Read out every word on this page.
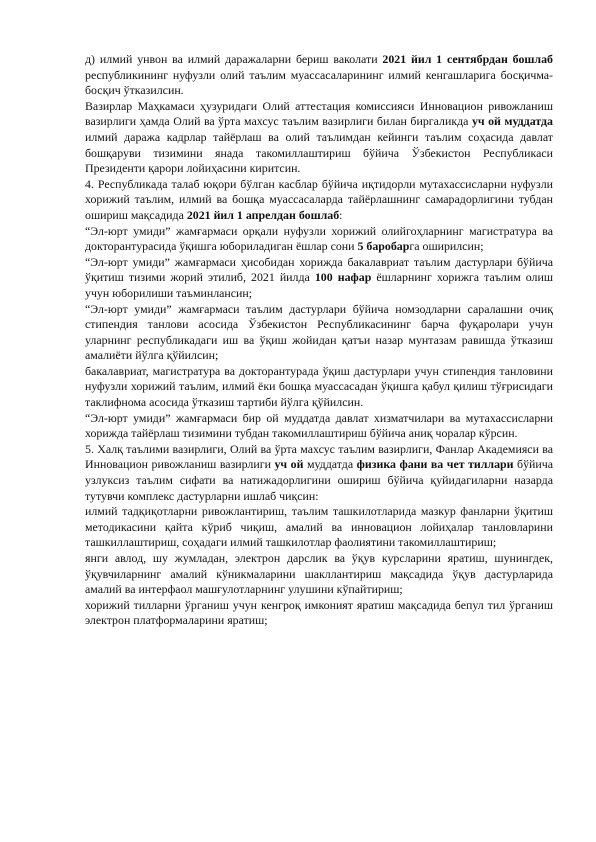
д) илмий унвон ва илмий даражаларни бериш ваколати 2021 йил 1 сентябрдан бошлаб республикининг нуфузли олий таълим муассасаларининг илмий кенгашларига босқичма-босқич ўтказилсин.

Вазирлар Маҳкамаси ҳузуридаги Олий аттестация комиссияси Инновацион ривожланиш вазирлиги ҳамда Олий ва ўрта махсус таълим вазирлиги билан биргаликда уч ой муддатда илмий даража кадрлар тайёрлаш ва олий таълимдан кейинги таълим соҳасида давлат бошқаруви тизимини янада такомиллаштириш бўйича Ўзбекистон Республикаси Президенти қарори лойиҳасини киритсин.

4. Республикада талаб юқори бўлган касблар бўйича иқтидорли мутахассисларни нуфузли хорижий таълим, илмий ва бошқа муассасаларда тайёрлашнинг самарадорлигини тубдан ошириш мақсадида 2021 йил 1 апрелдан бошлаб:

“Эл-юрт умиди” жамғармаси орқали нуфузли хорижий олийгоҳларнинг магистратура ва докторантурасида ўқишга юбориладиган ёшлар сони 5 баробарга оширилсин;

“Эл-юрт умиди” жамғармаси ҳисобидан хорижда бакалавриат таълим дастурлари бўйича ўқитиш тизими жорий этилиб, 2021 йилда 100 нафар ёшларнинг хорижга таълим олиш учун юборилиши таъминлансин;

“Эл-юрт умиди” жамғармаси таълим дастурлари бўйича номзодларни саралашни очиқ стипендия танлови асосида Ўзбекистон Республикасининг барча фуқаролари учун уларнинг республикадаги иш ва ўқиш жойидан қатъи назар мунтазам равишда ўтказиш амалиёти йўлга қўйилсин;

бакалавриат, магистратура ва докторантурада ўқиш дастурлари учун стипендия танловини нуфузли хорижий таълим, илмий ёки бошқа муассасадан ўқишга қабул қилиш тўғрисидаги таклифнома асосида ўтказиш тартиби йўлга қўйилсин.

“Эл-юрт умиди” жамғармаси бир ой муддатда давлат хизматчилари ва мутахассисларни хорижда тайёрлаш тизимини тубдан такомиллаштириш бўйича аниқ чоралар кўрсин.

5. Халқ таълими вазирлиги, Олий ва ўрта махсус таълим вазирлиги, Фанлар Академияси ва Инновацион ривожланиш вазирлиги уч ой муддатда физика фани ва чет тиллари бўйича узлуксиз таълим сифати ва натижадорлигини ошириш бўйича қуйидагиларни назарда тутувчи комплекс дастурларни ишлаб чиқсин:

илмий тадқиқотларни ривожлантириш, таълим ташкилотларида мазкур фанларни ўқитиш методикасини қайта кўриб чиқиш, амалий ва инновацион лойиҳалар танловларини ташкиллаштириш, соҳадаги илмий ташкилотлар фаолиятини такомиллаштириш;

янги авлод, шу жумладан, электрон дарслик ва ўқув курсларини яратиш, шунингдек, ўқувчиларнинг амалий кўникмаларини шакллантириш мақсадида ўқув дастурларида амалий ва интерфаол машғулотларнинг улушини кўпайтириш;

хорижий тилларни ўрганиш учун кенгроқ имконият яратиш мақсадида бепул тил ўрганиш электрон платформаларини яратиш;
